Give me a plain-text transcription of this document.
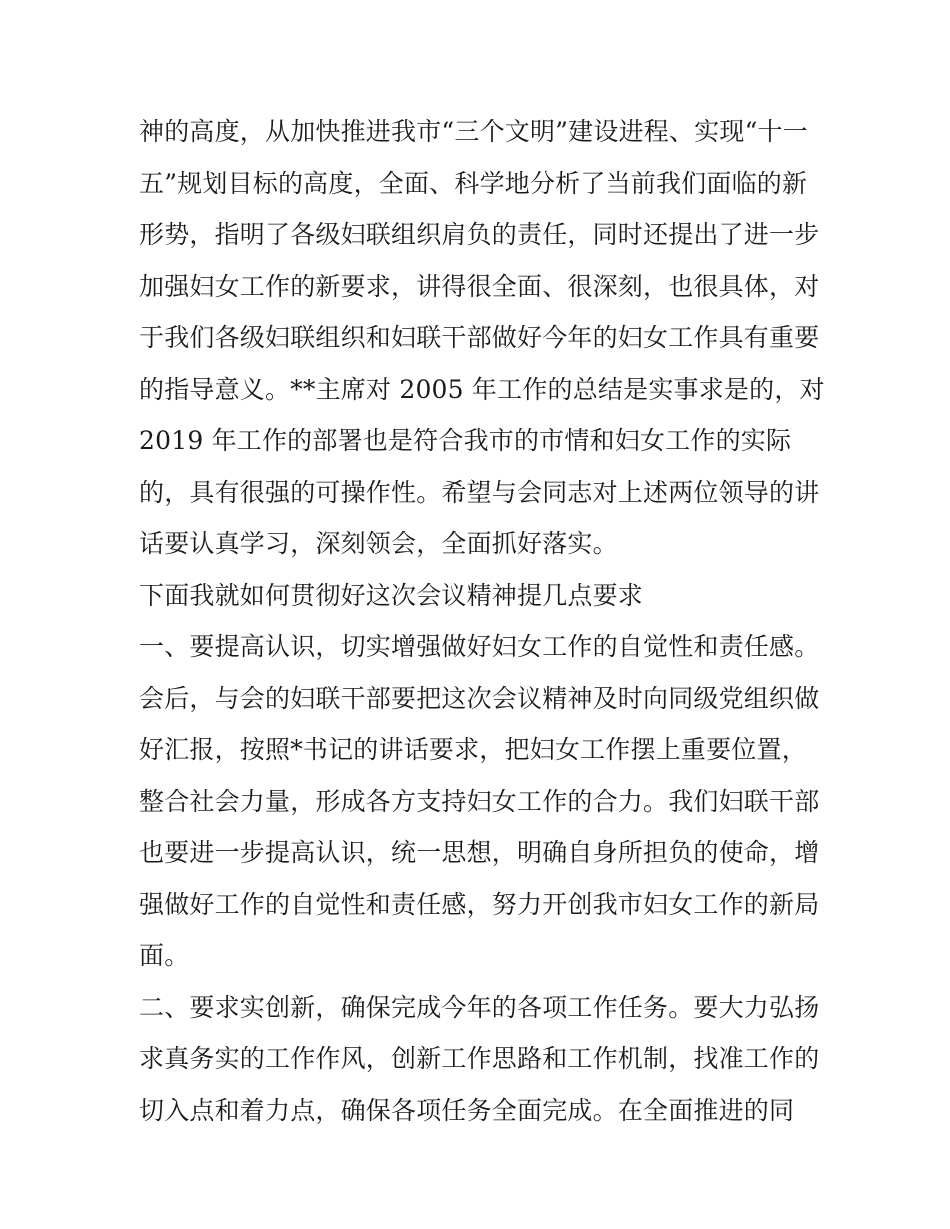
神的高度，从加快推进我市“三个文明”建设进程、实现“十一
五”规划目标的高度，全面、科学地分析了当前我们面临的新
形势，指明了各级妇联组织肩负的责任，同时还提出了进一步
加强妇女工作的新要求，讲得很全面、很深刻，也很具体，对
于我们各级妇联组织和妇联干部做好今年的妇女工作具有重要
的指导意义。**主席对 2005 年工作的总结是实事求是的，对
2019 年工作的部署也是符合我市的市情和妇女工作的实际
的，具有很强的可操作性。希望与会同志对上述两位领导的讲
话要认真学习，深刻领会，全面抓好落实。
下面我就如何贯彻好这次会议精神提几点要求
一、要提高认识，切实增强做好妇女工作的自觉性和责任感。
会后，与会的妇联干部要把这次会议精神及时向同级党组织做
好汇报，按照*书记的讲话要求，把妇女工作摆上重要位置，
整合社会力量，形成各方支持妇女工作的合力。我们妇联干部
也要进一步提高认识，统一思想，明确自身所担负的使命，增
强做好工作的自觉性和责任感，努力开创我市妇女工作的新局
面。
二、要求实创新，确保完成今年的各项工作任务。要大力弘扬
求真务实的工作作风，创新工作思路和工作机制，找准工作的
切入点和着力点，确保各项任务全面完成。在全面推进的同
